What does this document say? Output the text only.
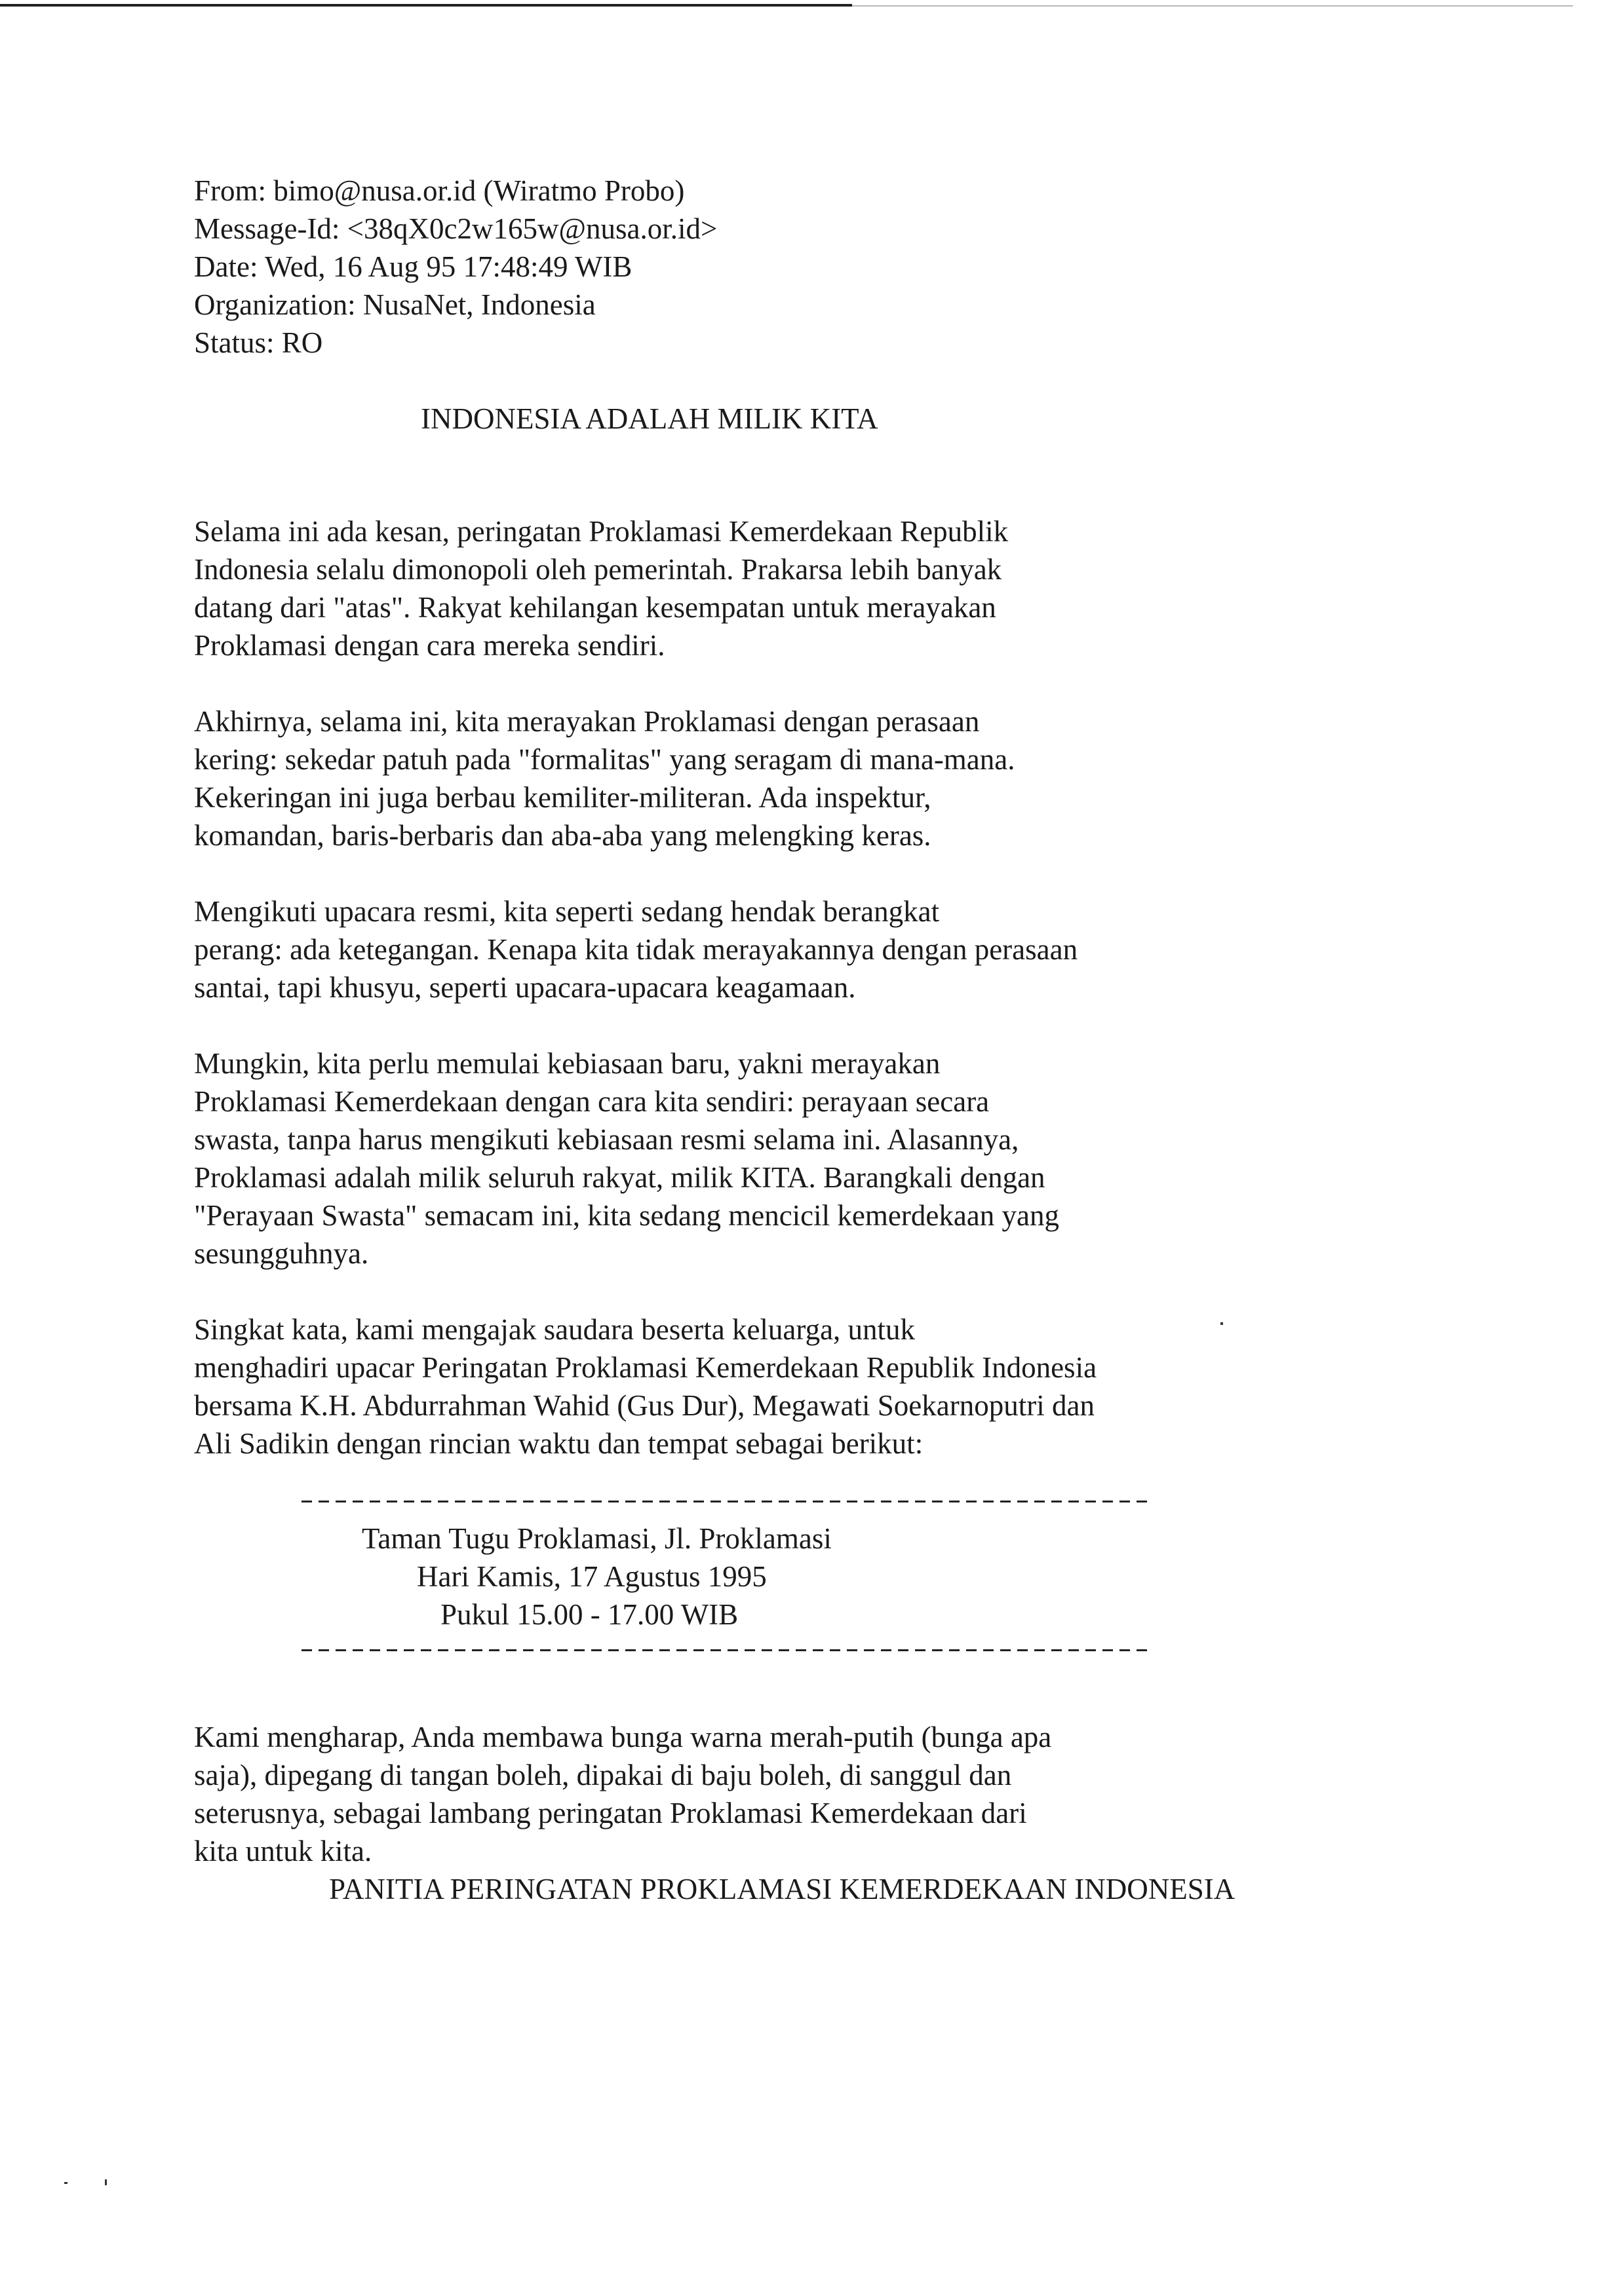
From: bimo@nusa.or.id (Wiratmo Probo)
Message-Id: <38qX0c2w165w@nusa.or.id>
Date: Wed, 16 Aug 95 17:48:49 WIB
Organization: NusaNet, Indonesia
Status: RO
INDONESIA ADALAH MILIK KITA

Selama ini ada kesan, peringatan Proklamasi Kemerdekaan Republik
Indonesia selalu dimonopoli oleh pemerintah. Prakarsa lebih banyak
datang dari "atas". Rakyat kehilangan kesempatan untuk merayakan
Proklamasi dengan cara mereka sendiri.

Akhirnya, selama ini, kita merayakan Proklamasi dengan perasaan
kering: sekedar patuh pada "formalitas" yang seragam di mana-mana.
Kekeringan ini juga berbau kemiliter-militeran. Ada inspektur,
komandan, baris-berbaris dan aba-aba yang melengking keras.

Mengikuti upacara resmi, kita seperti sedang hendak berangkat
perang: ada ketegangan. Kenapa kita tidak merayakannya dengan perasaan
santai, tapi khusyu, seperti upacara-upacara keagamaan.

Mungkin, kita perlu memulai kebiasaan baru, yakni merayakan
Proklamasi Kemerdekaan dengan cara kita sendiri: perayaan secara
swasta, tanpa harus mengikuti kebiasaan resmi selama ini. Alasannya,
Proklamasi adalah milik seluruh rakyat, milik KITA. Barangkali dengan
"Perayaan Swasta" semacam ini, kita sedang mencicil kemerdekaan yang
sesungguhnya.

Singkat kata, kami mengajak saudara beserta keluarga, untuk
menghadiri upacar Peringatan Proklamasi Kemerdekaan Republik Indonesia
bersama K.H. Abdurrahman Wahid (Gus Dur), Megawati Soekarnoputri dan
Ali Sadikin dengan rincian waktu dan tempat sebagai berikut:

Taman Tugu Proklamasi, Jl. Proklamasi
Hari Kamis, 17 Agustus 1995
Pukul 15.00 - 17.00 WIB

Kami mengharap, Anda membawa bunga warna merah-putih (bunga apa
saja), dipegang di tangan boleh, dipakai di baju boleh, di sanggul dan
seterusnya, sebagai lambang peringatan Proklamasi Kemerdekaan dari
kita untuk kita.

PANITIA PERINGATAN PROKLAMASI KEMERDEKAAN INDONESIA
